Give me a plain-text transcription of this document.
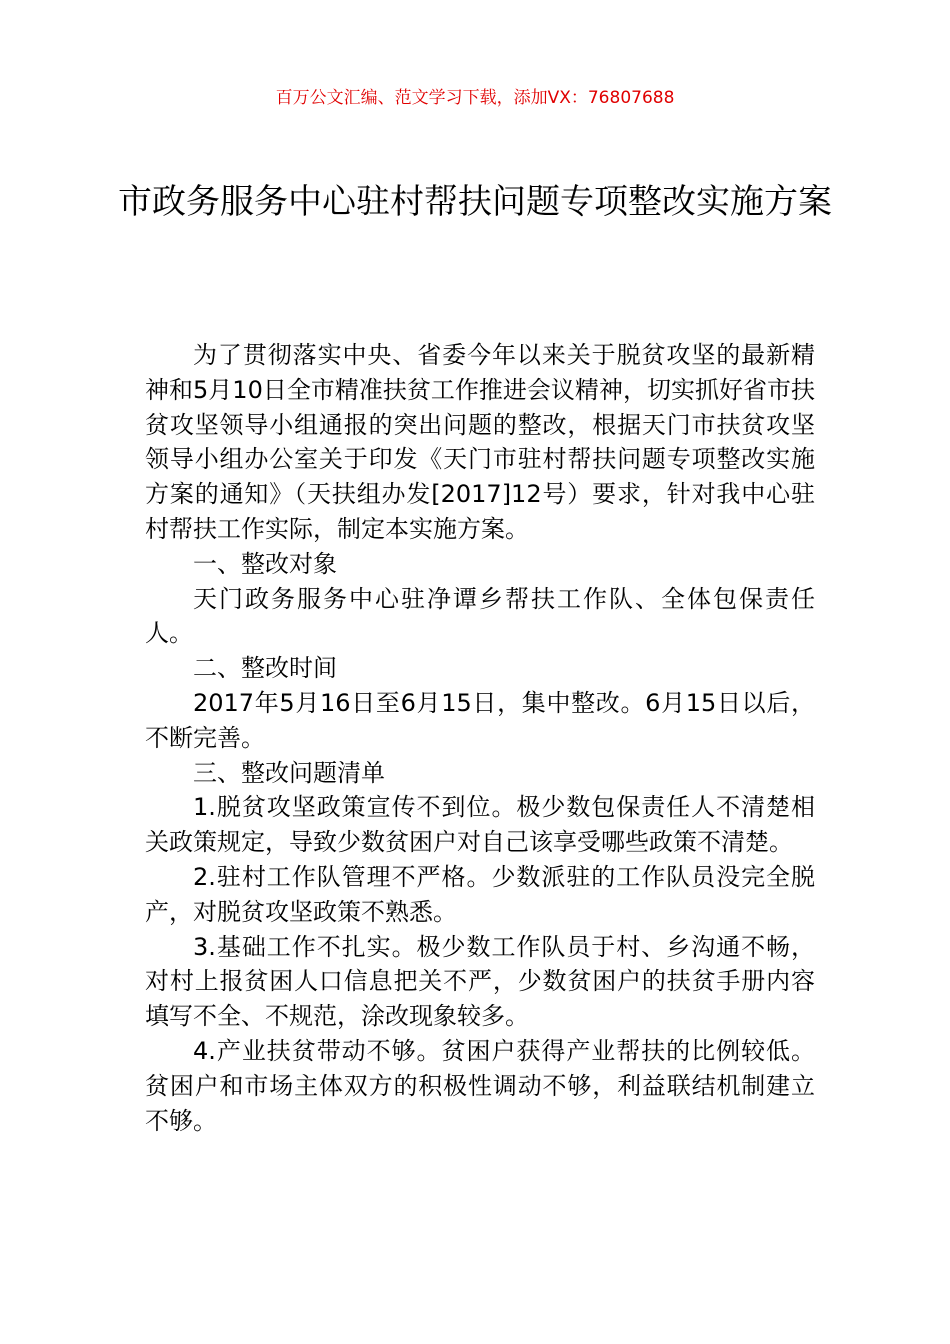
百万公文汇编、范文学习下载，添加VX：76807688
市政务服务中心驻村帮扶问题专项整改实施方案

为了贯彻落实中央、省委今年以来关于脱贫攻坚的最新精神和5月10日全市精准扶贫工作推进会议精神，切实抓好省市扶贫攻坚领导小组通报的突出问题的整改，根据天门市扶贫攻坚领导小组办公室关于印发《天门市驻村帮扶问题专项整改实施方案的通知》（天扶组办发[2017]12号）要求，针对我中心驻村帮扶工作实际，制定本实施方案。

一、整改对象

天门政务服务中心驻净谭乡帮扶工作队、全体包保责任人。

二、整改时间

2017年5月16日至6月15日，集中整改。6月15日以后，不断完善。

三、整改问题清单

1.脱贫攻坚政策宣传不到位。极少数包保责任人不清楚相关政策规定，导致少数贫困户对自己该享受哪些政策不清楚。

2.驻村工作队管理不严格。少数派驻的工作队员没完全脱产，对脱贫攻坚政策不熟悉。

3.基础工作不扎实。极少数工作队员于村、乡沟通不畅，对村上报贫困人口信息把关不严，少数贫困户的扶贫手册内容填写不全、不规范，涂改现象较多。

4.产业扶贫带动不够。贫困户获得产业帮扶的比例较低。贫困户和市场主体双方的积极性调动不够，利益联结机制建立不够。
